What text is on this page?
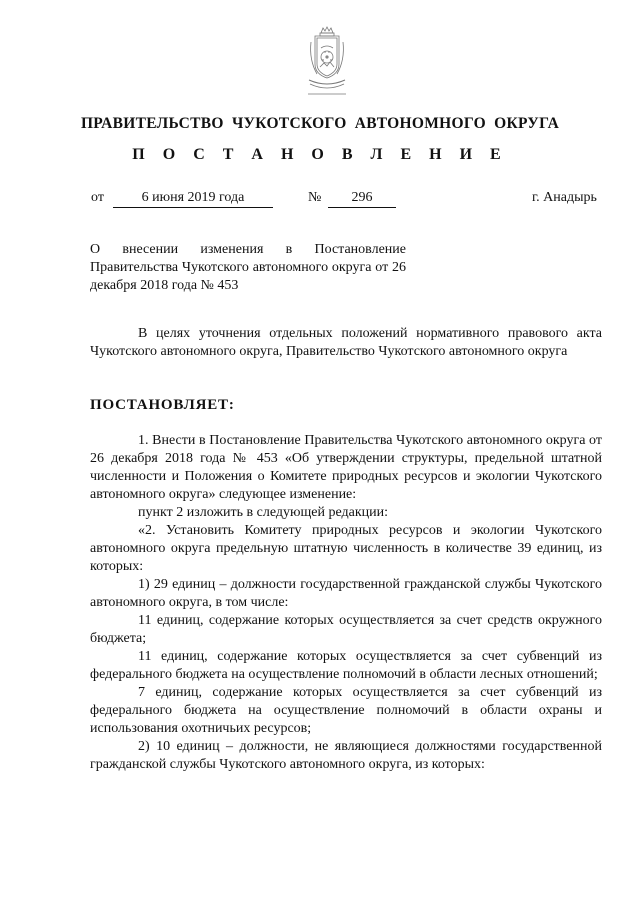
ПРАВИТЕЛЬСТВО ЧУКОТСКОГО АВТОНОМНОГО ОКРУГА

П О С Т А Н О В Л Е Н И Е

от	6 июня 2019 года	№	296	г. Анадырь

О внесении изменения в Постановление Правительства Чукотского автономного округа от 26 декабря 2018 года № 453

В целях уточнения отдельных положений нормативного правового акта Чукотского автономного округа, Правительство Чукотского автономного округа

ПОСТАНОВЛЯЕТ:

1. Внести в Постановление Правительства Чукотского автономного округа от 26 декабря 2018 года № 453 «Об утверждении структуры, предельной штатной численности и Положения о Комитете природных ресурсов и экологии Чукотского автономного округа» следующее изменение:

пункт 2 изложить в следующей редакции:

«2. Установить Комитету природных ресурсов и экологии Чукотского автономного округа предельную штатную численность в количестве 39 единиц, из которых:

1) 29 единиц – должности государственной гражданской службы Чукотского автономного округа, в том числе:

11 единиц, содержание которых осуществляется за счет средств окружного бюджета;

11 единиц, содержание которых осуществляется за счет субвенций из федерального бюджета на осуществление полномочий в области лесных отношений;

7 единиц, содержание которых осуществляется за счет субвенций из федерального бюджета на осуществление полномочий в области охраны и использования охотничьих ресурсов;

2) 10 единиц – должности, не являющиеся должностями государственной гражданской службы Чукотского автономного округа, из которых:
